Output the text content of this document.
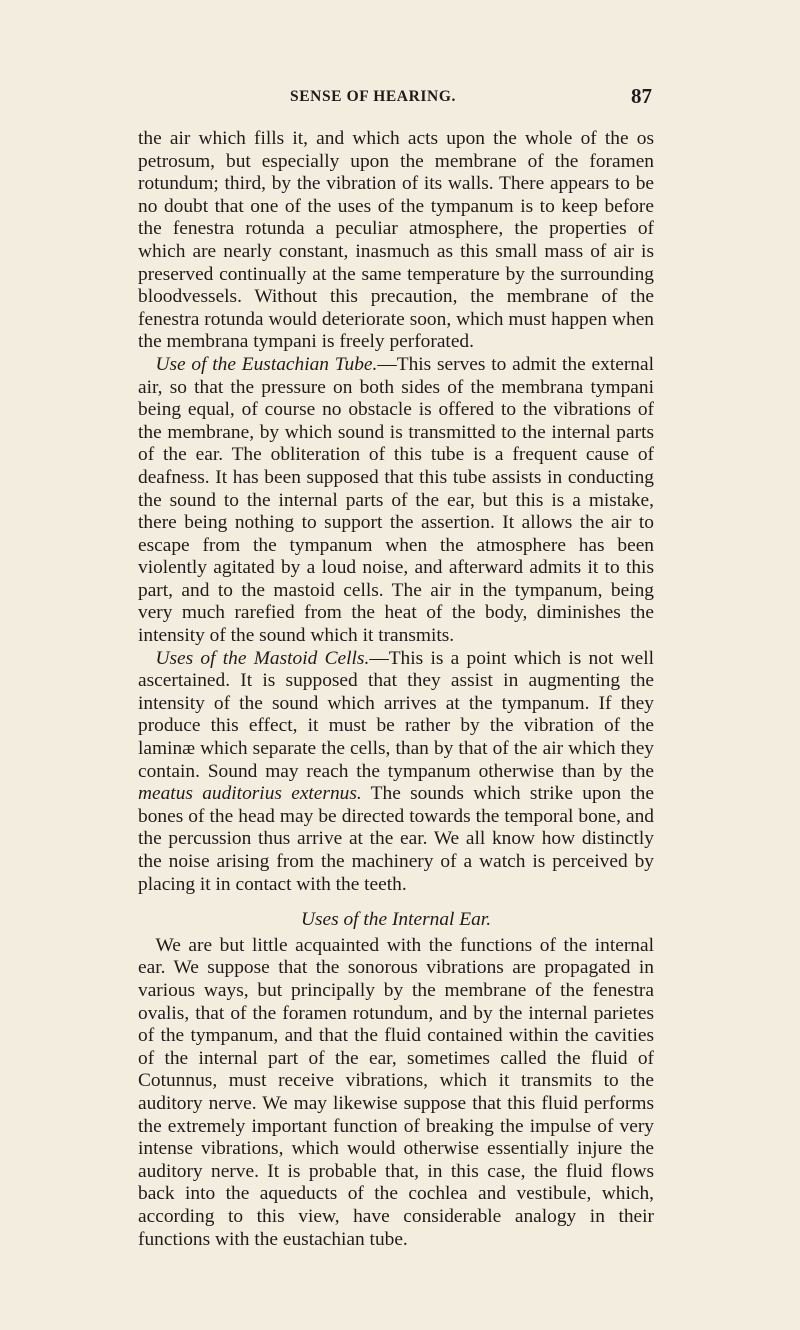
SENSE OF HEARING.	87

the air which fills it, and which acts upon the whole of the os petrosum, but especially upon the membrane of the foramen rotundum; third, by the vibration of its walls. There appears to be no doubt that one of the uses of the tympanum is to keep before the fenestra rotunda a peculiar atmosphere, the properties of which are nearly constant, inasmuch as this small mass of air is preserved continually at the same temperature by the surrounding bloodvessels. Without this precaution, the membrane of the fenestra rotunda would deteriorate soon, which must happen when the membrana tympani is freely perforated.

Use of the Eustachian Tube.—This serves to admit the external air, so that the pressure on both sides of the membrana tympani being equal, of course no obstacle is offered to the vibrations of the membrane, by which sound is transmitted to the internal parts of the ear. The obliteration of this tube is a frequent cause of deafness. It has been supposed that this tube assists in conducting the sound to the internal parts of the ear, but this is a mistake, there being nothing to support the assertion. It allows the air to escape from the tympanum when the atmosphere has been violently agitated by a loud noise, and afterward admits it to this part, and to the mastoid cells. The air in the tympanum, being very much rarefied from the heat of the body, diminishes the intensity of the sound which it transmits.

Uses of the Mastoid Cells.—This is a point which is not well ascertained. It is supposed that they assist in augmenting the intensity of the sound which arrives at the tympanum. If they produce this effect, it must be rather by the vibration of the laminæ which separate the cells, than by that of the air which they contain. Sound may reach the tympanum otherwise than by the meatus auditorius externus. The sounds which strike upon the bones of the head may be directed towards the temporal bone, and the percussion thus arrive at the ear. We all know how distinctly the noise arising from the machinery of a watch is perceived by placing it in contact with the teeth.

Uses of the Internal Ear.

We are but little acquainted with the functions of the internal ear. We suppose that the sonorous vibrations are propagated in various ways, but principally by the membrane of the fenestra ovalis, that of the foramen rotundum, and by the internal parietes of the tympanum, and that the fluid contained within the cavities of the internal part of the ear, sometimes called the fluid of Cotunnus, must receive vibrations, which it transmits to the auditory nerve. We may likewise suppose that this fluid performs the extremely important function of breaking the impulse of very intense vibrations, which would otherwise essentially injure the auditory nerve. It is probable that, in this case, the fluid flows back into the aqueducts of the cochlea and vestibule, which, according to this view, have considerable analogy in their functions with the eustachian tube.
